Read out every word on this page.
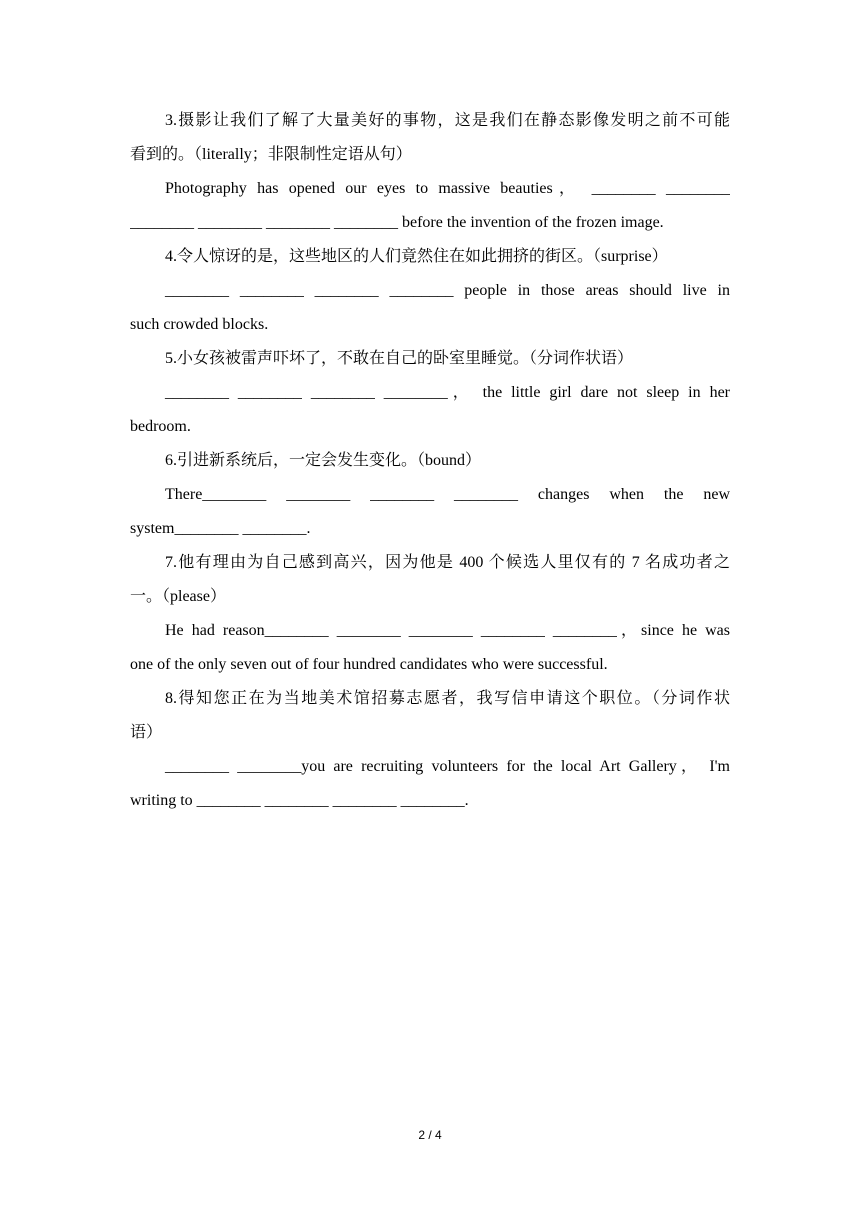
3.摄影让我们了解了大量美好的事物，这是我们在静态影像发明之前不可能
看到的。（literally；非限制性定语从句）
Photography has opened our eyes to massive beauties， ________ ________
________ ________ ________ ________ before the invention of the frozen image.
4.令人惊讶的是，这些地区的人们竟然住在如此拥挤的街区。（surprise）
________ ________ ________ ________ people in those areas should live in
such crowded blocks.
5.小女孩被雷声吓坏了，不敢在自己的卧室里睡觉。（分词作状语）
________ ________ ________ ________， the little girl dare not sleep in her
bedroom.
6.引进新系统后，一定会发生变化。（bound）
There________ ________ ________ ________ changes when the new
system________ ________.
7.他有理由为自己感到高兴，因为他是 400 个候选人里仅有的 7 名成功者之
一。（please）
He had reason________ ________ ________ ________ ________，since he was
one of the only seven out of four hundred candidates who were successful.
8.得知您正在为当地美术馆招募志愿者，我写信申请这个职位。（分词作状
语）
________ ________you are recruiting volunteers for the local Art Gallery， I'm
writing to ________ ________ ________ ________.
2 / 4
